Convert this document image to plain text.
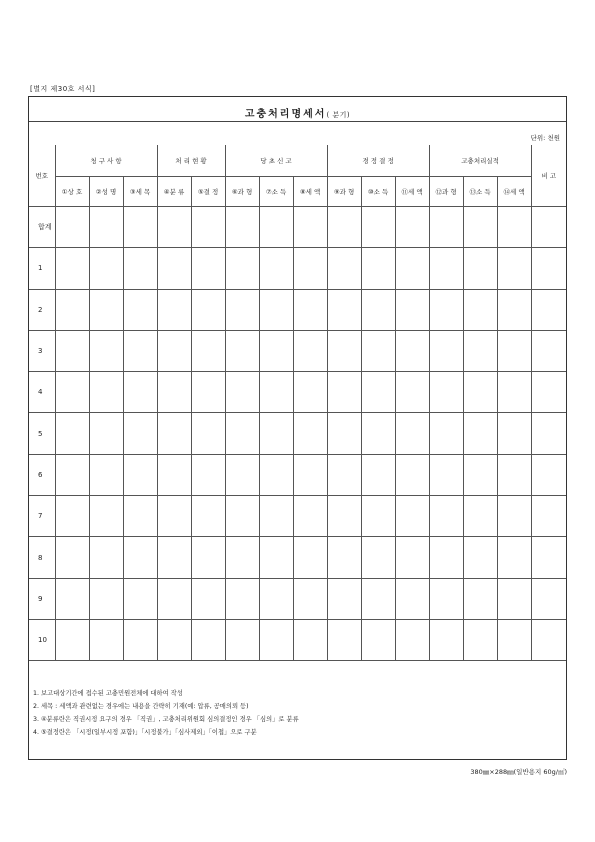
[별지 제30호 서식]
고충처리명세서( 분기)
단위: 천원
번호	청 구 사 항			처 리 현 황		당 초 신 고			경 정 결 정			고충처리실적			비 고
	①상 호	②성 명	③세 목	④분 류	⑤결 정	⑥과 형	⑦소 득	⑧세 액	⑨과 형	⑩소 득	⑪세 액	⑫과 형	⑬소 득	⑭세 액	
합계															
1															
2															
3															
4															
5															
6															
7															
8															
9															
10															
1. 보고대상기간에 접수된 고충민원전체에 대하여 작성
2. 세목 : 세액과 관련없는 경우에는 내용을 간략히 기재(예: 압류, 공매의뢰 등)
3. ④분류란은 직권시정 요구의 경우 「직권」, 고충처리위원회 심의결정인 경우 「심의」로 분류
4. ⑤결정란은 「시정(일부시정 포함)」「시정불가」「심사제외」「이첩」으로 구분
380㎜×288㎜(일반용지 60g/㎡)
